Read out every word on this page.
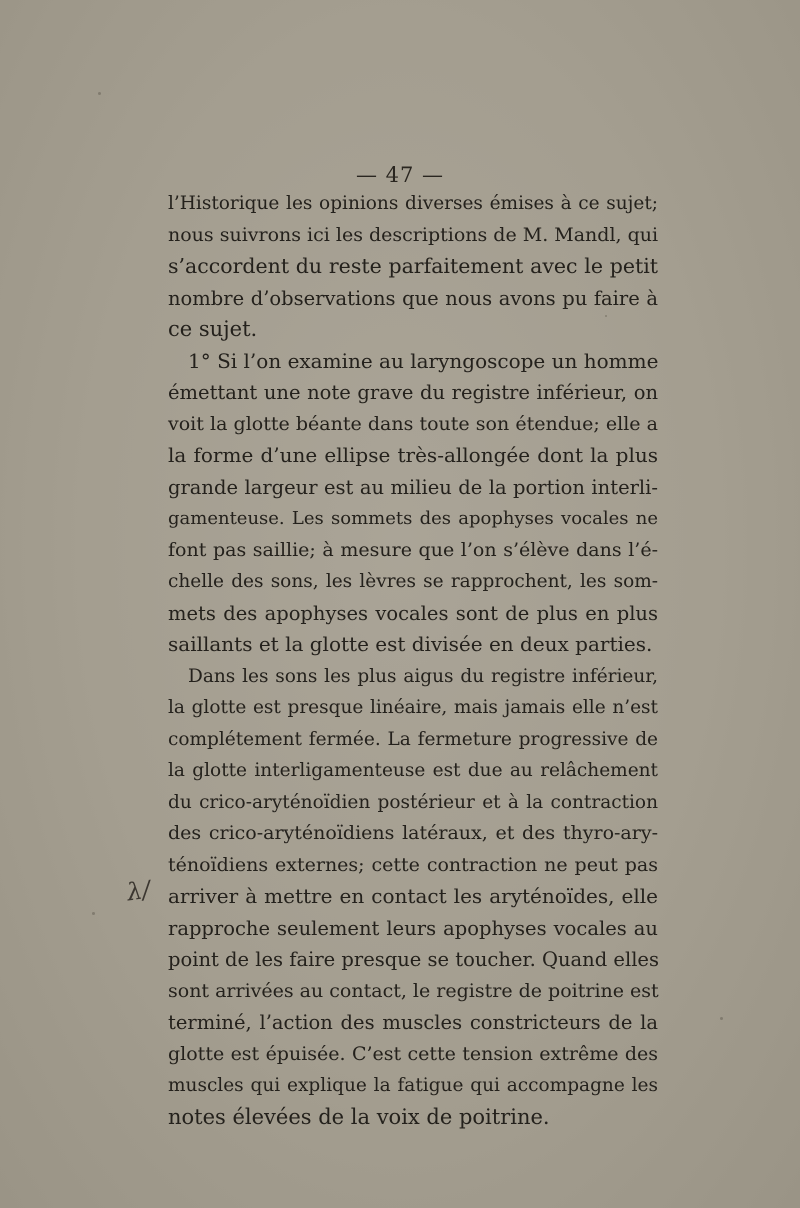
— 47 —
λ/
l’Historique les opinions diverses émises à ce sujet;
nous suivrons ici les descriptions de M. Mandl, qui
s’accordent du reste parfaitement avec le petit
nombre d’observations que nous avons pu faire à
ce sujet.
1° Si l’on examine au laryngoscope un homme
émettant une note grave du registre inférieur, on
voit la glotte béante dans toute son étendue; elle a
la forme d’une ellipse très-allongée dont la plus
grande largeur est au milieu de la portion interli-
gamenteuse. Les sommets des apophyses vocales ne
font pas saillie; à mesure que l’on s’élève dans l’é-
chelle des sons, les lèvres se rapprochent, les som-
mets des apophyses vocales sont de plus en plus
saillants et la glotte est divisée en deux parties.
Dans les sons les plus aigus du registre inférieur,
la glotte est presque linéaire, mais jamais elle n’est
complétement fermée. La fermeture progressive de
la glotte interligamenteuse est due au relâchement
du crico-aryténoïdien postérieur et à la contraction
des crico-aryténoïdiens latéraux, et des thyro-ary-
ténoïdiens externes; cette contraction ne peut pas
arriver à mettre en contact les aryténoïdes, elle
rapproche seulement leurs apophyses vocales au
point de les faire presque se toucher. Quand elles
sont arrivées au contact, le registre de poitrine est
terminé, l’action des muscles constricteurs de la
glotte est épuisée. C’est cette tension extrême des
muscles qui explique la fatigue qui accompagne les
notes élevées de la voix de poitrine.
